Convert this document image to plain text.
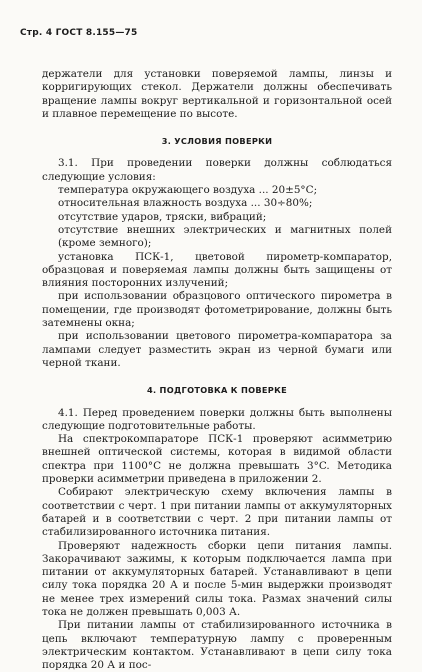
Стр. 4 ГОСТ 8.155—75

держатели для установки поверяемой лампы, линзы и корригирующих стекол. Держатели должны обеспечивать вращение лампы вокруг вертикальной и горизонтальной осей и плавное перемещение по высоте.

3. УСЛОВИЯ ПОВЕРКИ

3.1. При проведении поверки должны соблюдаться следующие условия:

температура окружающего воздуха ... 20±5°C;

относительная влажность воздуха ... 30÷80%;

отсутствие ударов, тряски, вибраций;

отсутствие внешних электрических и магнитных полей (кроме земного);

установка ПСК-1, цветовой пирометр-компаратор, образцовая и поверяемая лампы должны быть защищены от влияния посторонних излучений;

при использовании образцового оптического пирометра в помещении, где производят фотометрирование, должны быть затемнены окна;

при использовании цветового пирометра-компаратора за лампами следует разместить экран из черной бумаги или черной ткани.

4. ПОДГОТОВКА К ПОВЕРКЕ

4.1. Перед проведением поверки должны быть выполнены следующие подготовительные работы.

На спектрокомпараторе ПСК-1 проверяют асимметрию внешней оптической системы, которая в видимой области спектра при 1100°C не должна превышать 3°C. Методика проверки асимметрии приведена в приложении 2.

Собирают электрическую схему включения лампы в соответствии с черт. 1 при питании лампы от аккумуляторных батарей и в соответствии с черт. 2 при питании лампы от стабилизированного источника питания.

Проверяют надежность сборки цепи питания лампы. Закорачивают зажимы, к которым подключается лампа при питании от аккумуляторных батарей. Устанавливают в цепи силу тока порядка 20 А и после 5-мин выдержки производят не менее трех измерений силы тока. Размах значений силы тока не должен превышать 0,003 А.

При питании лампы от стабилизированного источника в цепь включают температурную лампу с проверенным электрическим контактом. Устанавливают в цепи силу тока порядка 20 А и пос-
